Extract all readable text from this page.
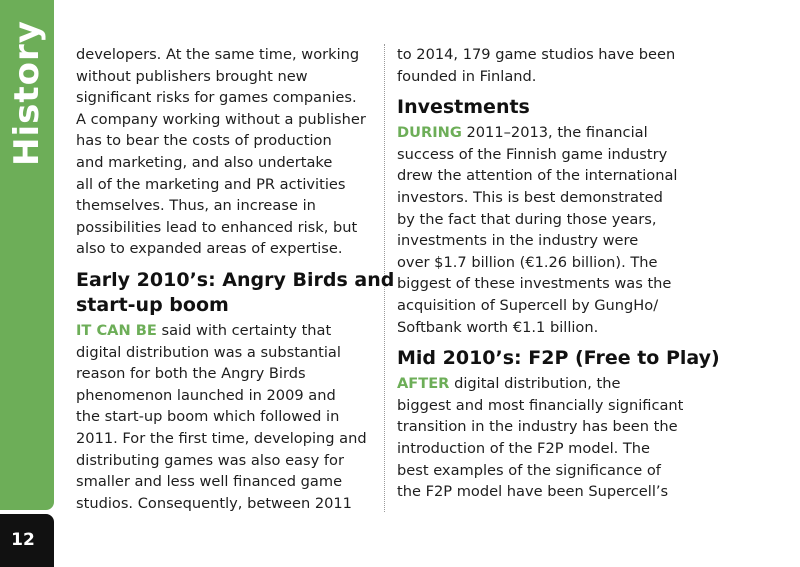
History
12
developers. At the same time, working
without publishers brought new
significant risks for games companies.
A company working without a publisher
has to bear the costs of production
and marketing, and also undertake
all of the marketing and PR activities
themselves. Thus, an increase in
possibilities lead to enhanced risk, but
also to expanded areas of expertise.
Early 2010’s: Angry Birds and
start-up boom
IT CAN BE said with certainty that
digital distribution was a substantial
reason for both the Angry Birds
phenomenon launched in 2009 and
the start-up boom which followed in
2011. For the first time, developing and
distributing games was also easy for
smaller and less well financed game
studios. Consequently, between 2011
to 2014, 179 game studios have been
founded in Finland.
Investments
DURING 2011–2013, the financial
success of the Finnish game industry
drew the attention of the international
investors. This is best demonstrated
by the fact that during those years,
investments in the industry were
over $1.7 billion (€1.26 billion). The
biggest of these investments was the
acquisition of Supercell by GungHo/
Softbank worth €1.1 billion.
Mid 2010’s: F2P (Free to Play)
AFTER digital distribution, the
biggest and most financially significant
transition in the industry has been the
introduction of the F2P model. The
best examples of the significance of
the F2P model have been Supercell’s
